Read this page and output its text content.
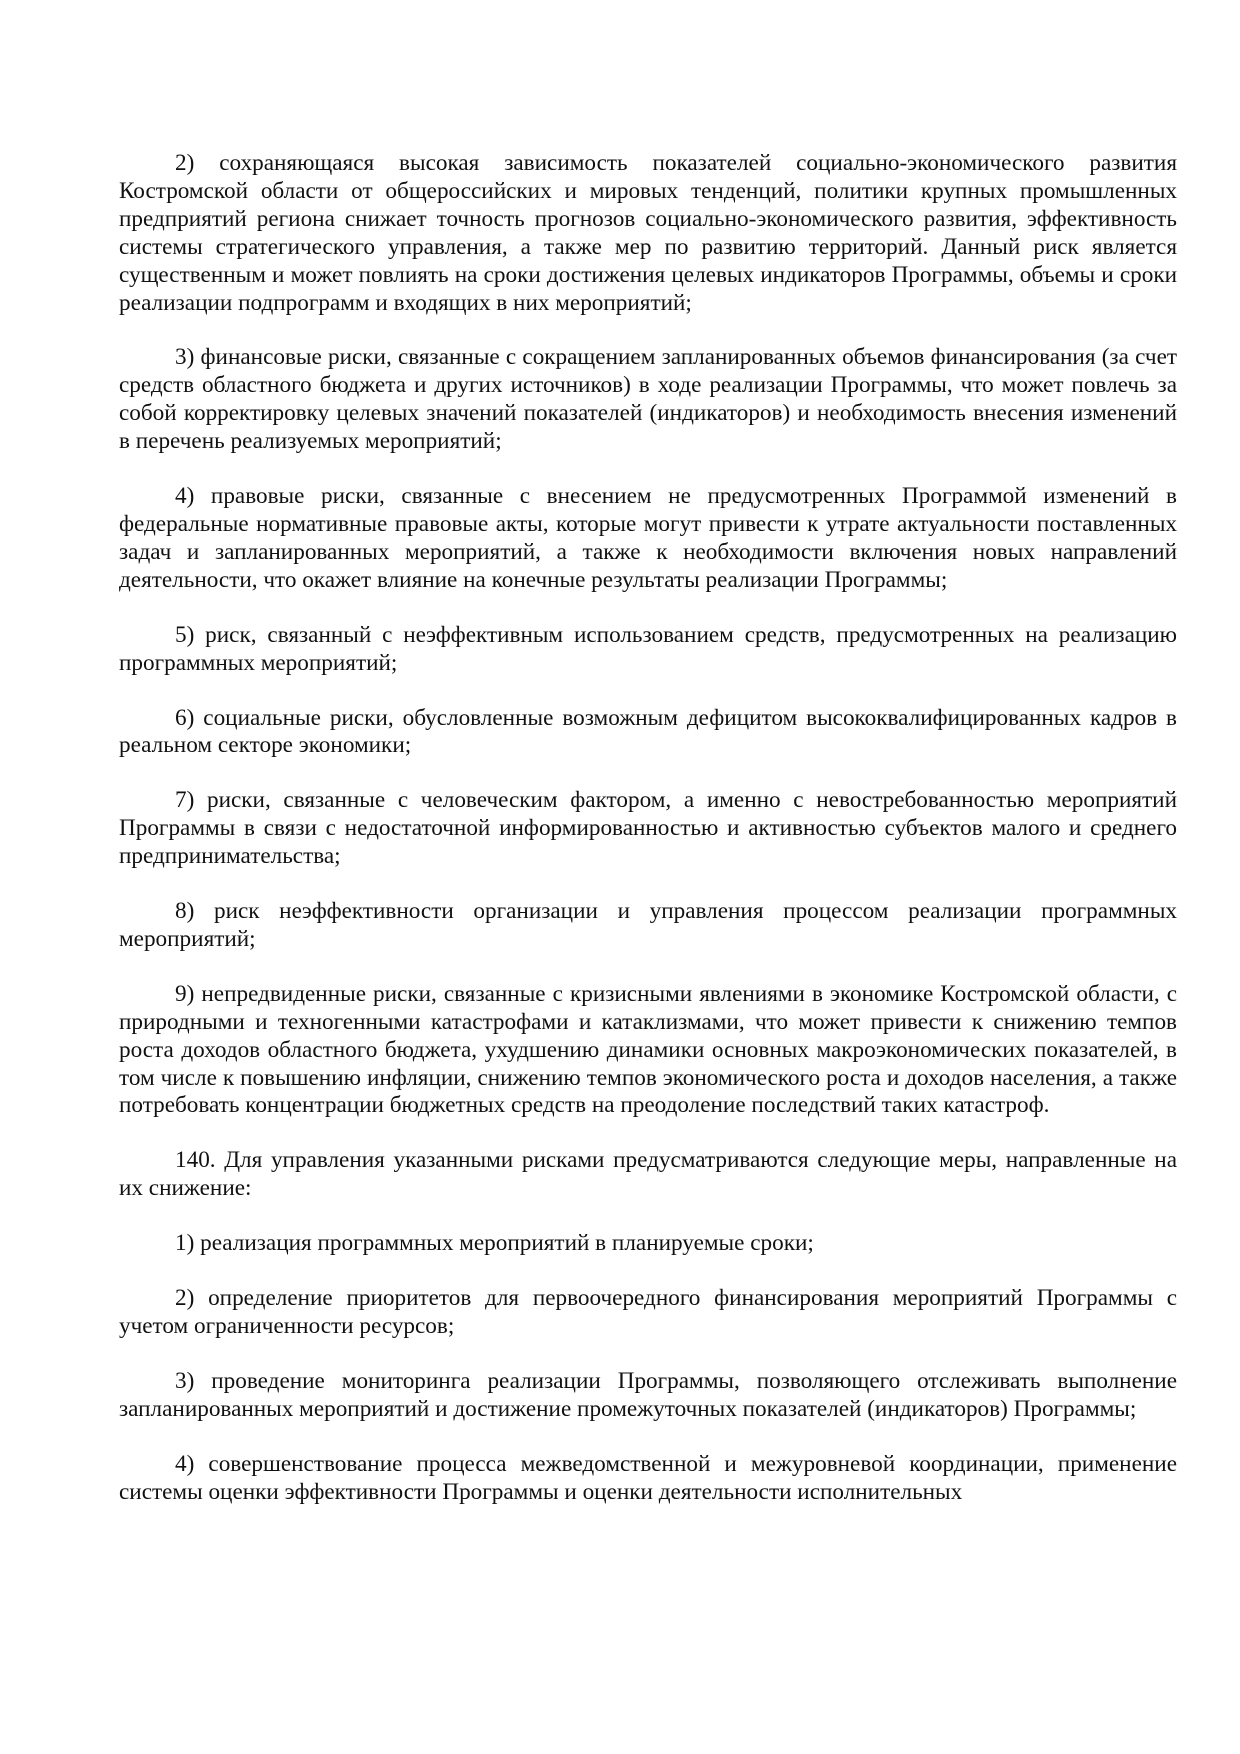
2) сохраняющаяся высокая зависимость показателей социально-экономического развития Костромской области от общероссийских и мировых тенденций, политики крупных промышленных предприятий региона снижает точность прогнозов социально-экономического развития, эффективность системы стратегического управления, а также мер по развитию территорий. Данный риск является существенным и может повлиять на сроки достижения целевых индикаторов Программы, объемы и сроки реализации подпрограмм и входящих в них мероприятий;

3) финансовые риски, связанные с сокращением запланированных объемов финансирования (за счет средств областного бюджета и других источников) в ходе реализации Программы, что может повлечь за собой корректировку целевых значений показателей (индикаторов) и необходимость внесения изменений в перечень реализуемых мероприятий;

4) правовые риски, связанные с внесением не предусмотренных Программой изменений в федеральные нормативные правовые акты, которые могут привести к утрате актуальности поставленных задач и запланированных мероприятий, а также к необходимости включения новых направлений деятельности, что окажет влияние на конечные результаты реализации Программы;

5) риск, связанный с неэффективным использованием средств, предусмотренных на реализацию программных мероприятий;

6) социальные риски, обусловленные возможным дефицитом высококвалифицированных кадров в реальном секторе экономики;

7) риски, связанные с человеческим фактором, а именно с невостребованностью мероприятий Программы в связи с недостаточной информированностью и активностью субъектов малого и среднего предпринимательства;

8) риск неэффективности организации и управления процессом реализации программных мероприятий;

9) непредвиденные риски, связанные с кризисными явлениями в экономике Костромской области, с природными и техногенными катастрофами и катаклизмами, что может привести к снижению темпов роста доходов областного бюджета, ухудшению динамики основных макроэкономических показателей, в том числе к повышению инфляции, снижению темпов экономического роста и доходов населения, а также потребовать концентрации бюджетных средств на преодоление последствий таких катастроф.

140. Для управления указанными рисками предусматриваются следующие меры, направленные на их снижение:

1) реализация программных мероприятий в планируемые сроки;

2) определение приоритетов для первоочередного финансирования мероприятий Программы с учетом ограниченности ресурсов;

3) проведение мониторинга реализации Программы, позволяющего отслеживать выполнение запланированных мероприятий и достижение промежуточных показателей (индикаторов) Программы;

4) совершенствование процесса межведомственной и межуровневой координации, применение системы оценки эффективности Программы и оценки деятельности исполнительных
